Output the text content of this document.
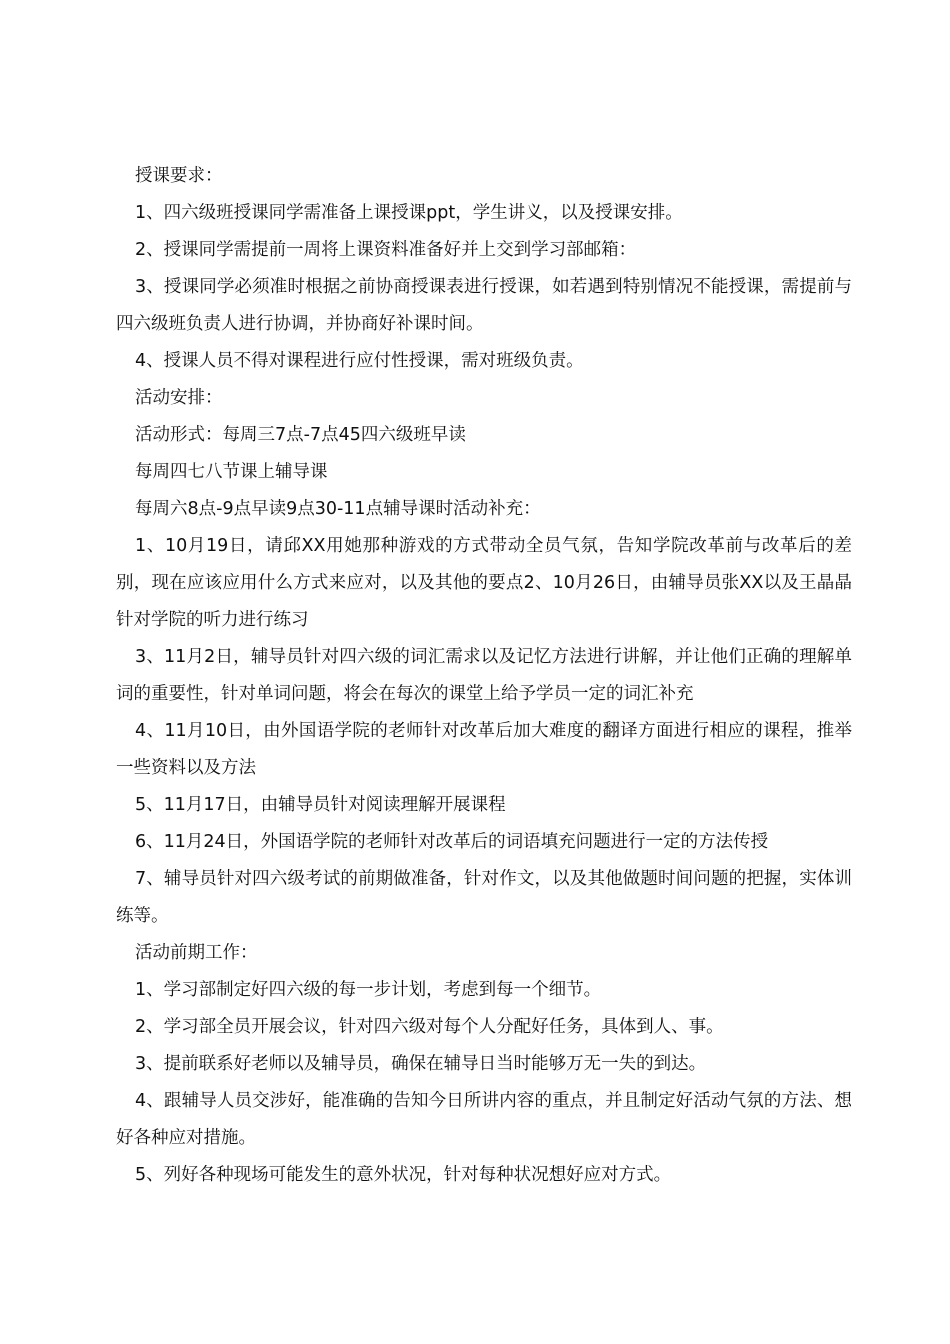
授课要求：

1、四六级班授课同学需准备上课授课ppt，学生讲义，以及授课安排。

2、授课同学需提前一周将上课资料准备好并上交到学习部邮箱：

3、授课同学必须准时根据之前协商授课表进行授课，如若遇到特别情况不能授课，需提前与四六级班负责人进行协调，并协商好补课时间。

4、授课人员不得对课程进行应付性授课，需对班级负责。

活动安排：

活动形式：每周三7点-7点45四六级班早读

每周四七八节课上辅导课

每周六8点-9点早读9点30-11点辅导课时活动补充：

1、10月19日，请邱XX用她那种游戏的方式带动全员气氛，告知学院改革前与改革后的差别，现在应该应用什么方式来应对，以及其他的要点2、10月26日，由辅导员张XX以及王晶晶针对学院的听力进行练习

3、11月2日，辅导员针对四六级的词汇需求以及记忆方法进行讲解，并让他们正确的理解单词的重要性，针对单词问题，将会在每次的课堂上给予学员一定的词汇补充

4、11月10日，由外国语学院的老师针对改革后加大难度的翻译方面进行相应的课程，推举一些资料以及方法

5、11月17日，由辅导员针对阅读理解开展课程

6、11月24日，外国语学院的老师针对改革后的词语填充问题进行一定的方法传授

7、辅导员针对四六级考试的前期做准备，针对作文，以及其他做题时间问题的把握，实体训练等。

活动前期工作：

1、学习部制定好四六级的每一步计划，考虑到每一个细节。

2、学习部全员开展会议，针对四六级对每个人分配好任务，具体到人、事。

3、提前联系好老师以及辅导员，确保在辅导日当时能够万无一失的到达。

4、跟辅导人员交涉好，能准确的告知今日所讲内容的重点，并且制定好活动气氛的方法、想好各种应对措施。

5、列好各种现场可能发生的意外状况，针对每种状况想好应对方式。
